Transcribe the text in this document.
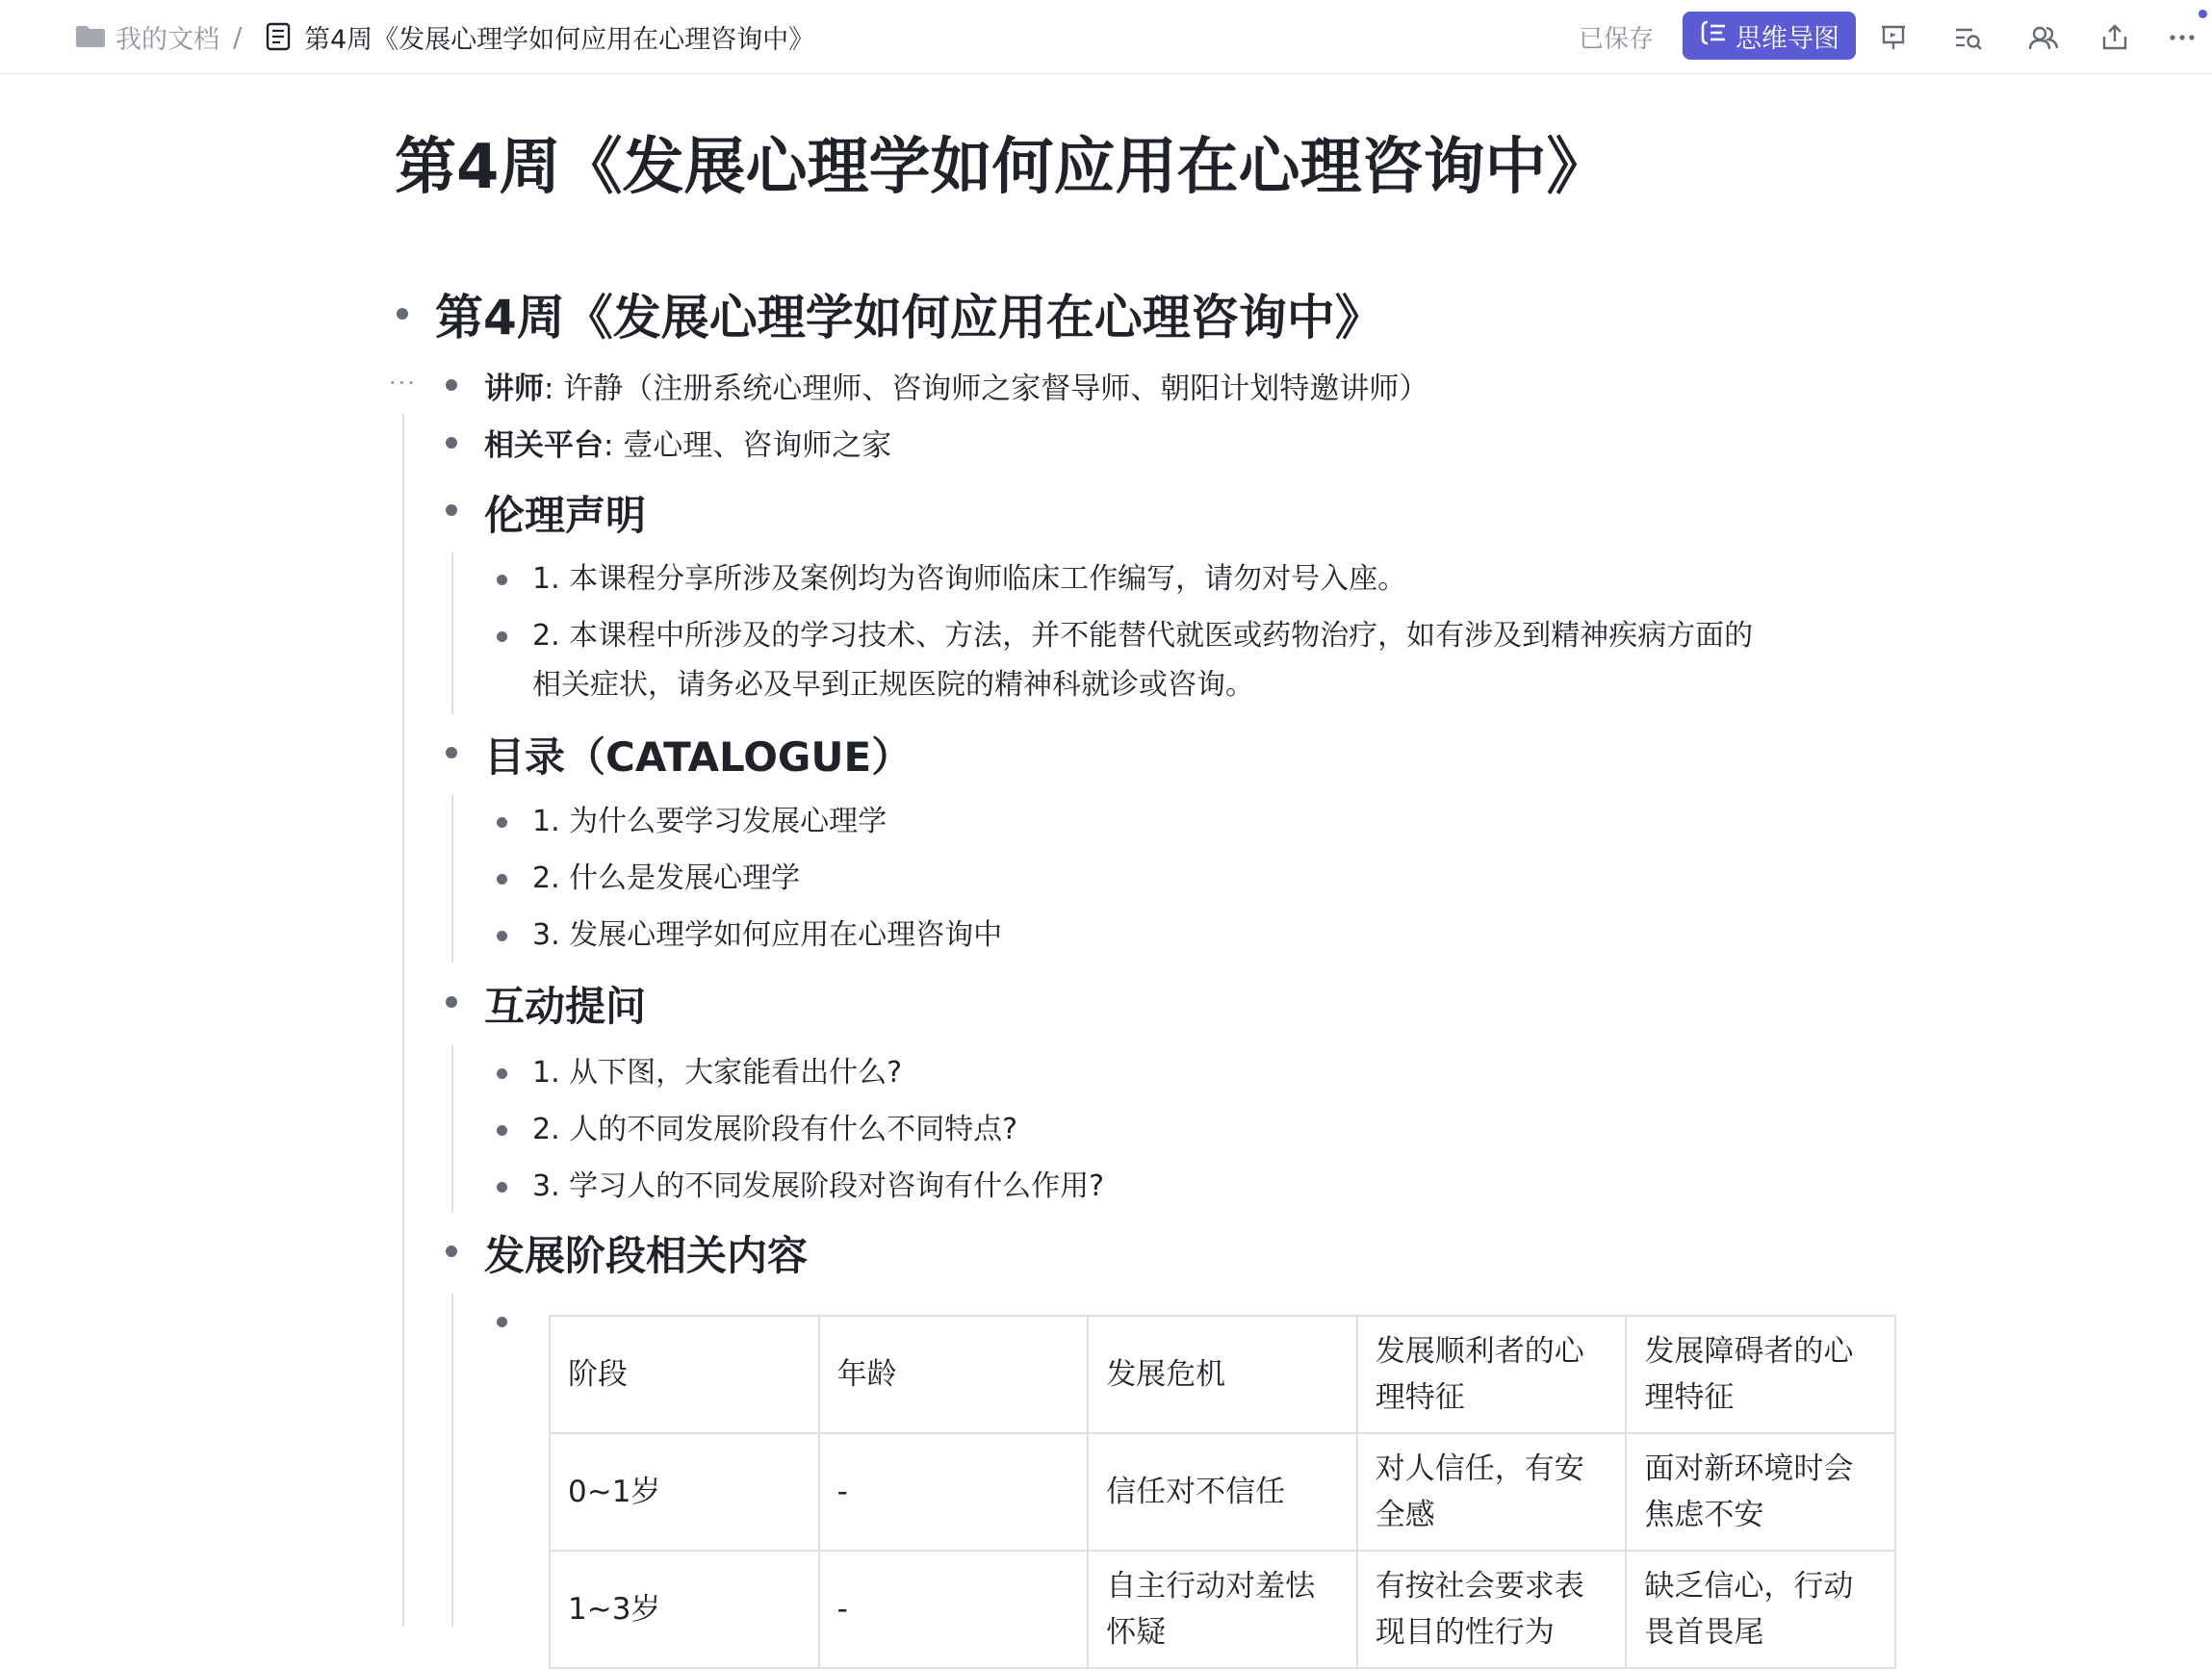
我的文档 / 第4周《发展心理学如何应用在心理咨询中》	已保存	思维导图
第4周《发展心理学如何应用在心理咨询中》
第4周《发展心理学如何应用在心理咨询中》
··· 讲师: 许静（注册系统心理师、咨询师之家督导师、朝阳计划特邀讲师）
相关平台: 壹心理、咨询师之家
伦理声明
1. 本课程分享所涉及案例均为咨询师临床工作编写，请勿对号入座。
2. 本课程中所涉及的学习技术、方法，并不能替代就医或药物治疗，如有涉及到精神疾病方面的
相关症状，请务必及早到正规医院的精神科就诊或咨询。
目录（CATALOGUE）
1. 为什么要学习发展心理学
2. 什么是发展心理学
3. 发展心理学如何应用在心理咨询中
互动提问
1. 从下图，大家能看出什么?
2. 人的不同发展阶段有什么不同特点?
3. 学习人的不同发展阶段对咨询有什么作用?
发展阶段相关内容
阶段	年龄	发展危机	发展顺利者的心理特征	发展障碍者的心理特征
0~1岁	-	信任对不信任	对人信任，有安全感	面对新环境时会焦虑不安
1~3岁	-	自主行动对羞怯怀疑	有按社会要求表现目的性行为	缺乏信心，行动畏首畏尾
